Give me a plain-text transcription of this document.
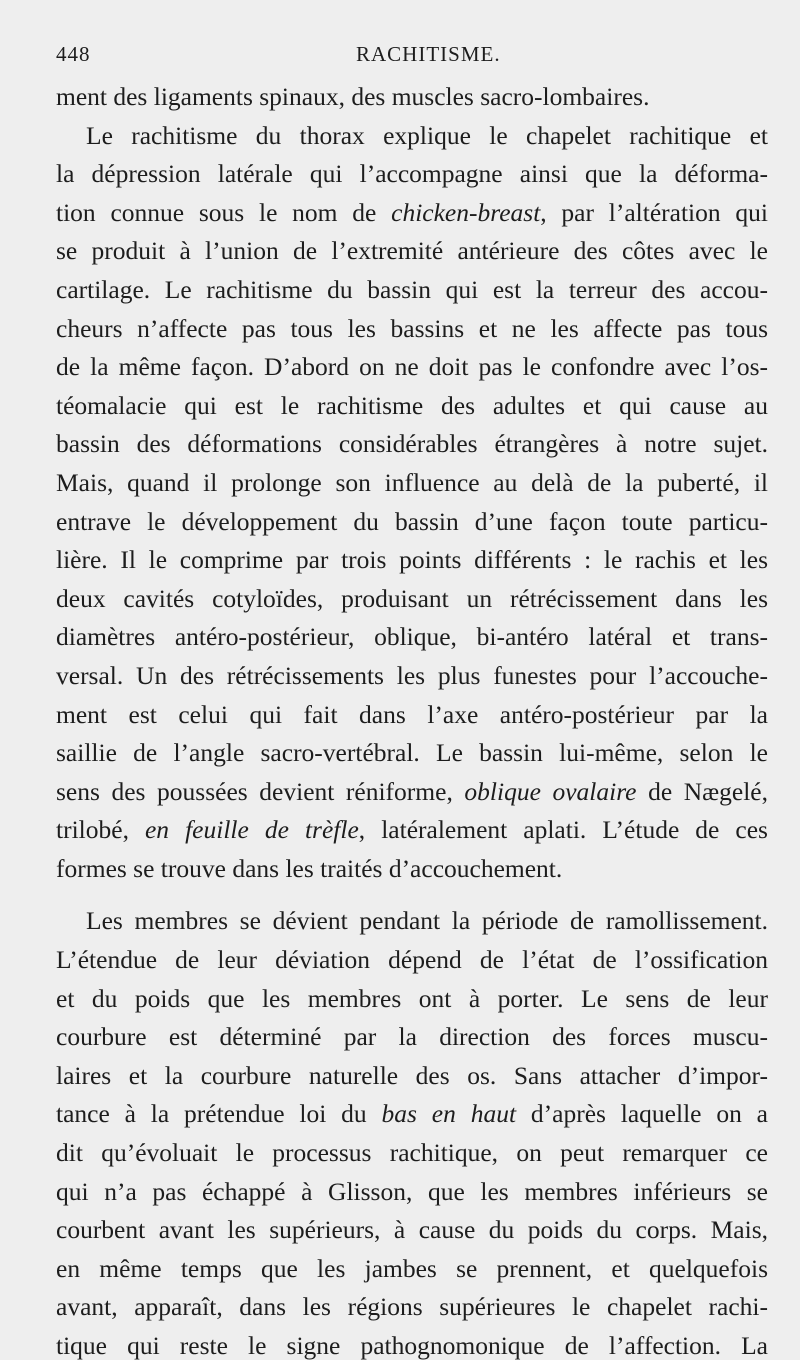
448	RACHITISME.
ment des ligaments spinaux, des muscles sacro-lombaires.
Le rachitisme du thorax explique le chapelet rachitique et
la dépression latérale qui l’accompagne ainsi que la déforma-
tion connue sous le nom de chicken-breast, par l’altération qui
se produit à l’union de l’extremité antérieure des côtes avec le
cartilage. Le rachitisme du bassin qui est la terreur des accou-
cheurs n’affecte pas tous les bassins et ne les affecte pas tous
de la même façon. D’abord on ne doit pas le confondre avec l’os-
téomalacie qui est le rachitisme des adultes et qui cause au
bassin des déformations considérables étrangères à notre sujet.
Mais, quand il prolonge son influence au delà de la puberté, il
entrave le développement du bassin d’une façon toute particu-
lière. Il le comprime par trois points différents : le rachis et les
deux cavités cotyloïdes, produisant un rétrécissement dans les
diamètres antéro-postérieur, oblique, bi-antéro latéral et trans-
versal. Un des rétrécissements les plus funestes pour l’accouche-
ment est celui qui fait dans l’axe antéro-postérieur par la
saillie de l’angle sacro-vertébral. Le bassin lui-même, selon le
sens des poussées devient réniforme, oblique ovalaire de Nægelé,
trilobé, en feuille de trèfle, latéralement aplati. L’étude de ces
formes se trouve dans les traités d’accouchement.
Les membres se dévient pendant la période de ramollissement.
L’étendue de leur déviation dépend de l’état de l’ossification
et du poids que les membres ont à porter. Le sens de leur
courbure est déterminé par la direction des forces muscu-
laires et la courbure naturelle des os. Sans attacher d’impor-
tance à la prétendue loi du bas en haut d’après laquelle on a
dit qu’évoluait le processus rachitique, on peut remarquer ce
qui n’a pas échappé à Glisson, que les membres inférieurs se
courbent avant les supérieurs, à cause du poids du corps. Mais,
en même temps que les jambes se prennent, et quelquefois
avant, apparaît, dans les régions supérieures le chapelet rachi-
tique qui reste le signe pathognomonique de l’affection. La
